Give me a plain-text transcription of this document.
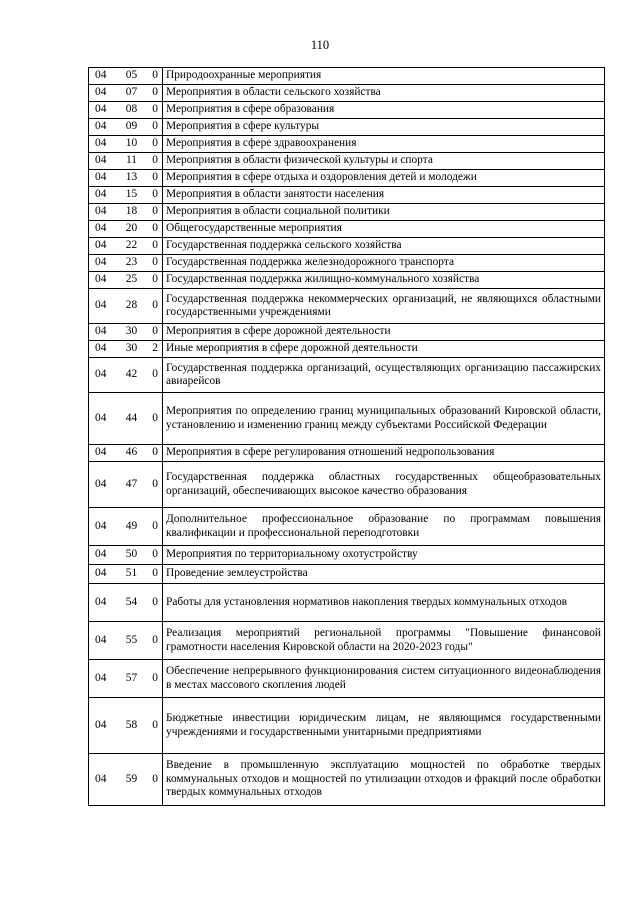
110
04 05 0	Природоохранные мероприятия

04 07 0	Мероприятия в области сельского хозяйства

04 08 0	Мероприятия в сфере образования

04 09 0	Мероприятия в сфере культуры

04 10 0	Мероприятия в сфере здравоохранения

04 11 0	Мероприятия в области физической культуры и спорта

04 13 0	Мероприятия в сфере отдыха и оздоровления детей и молодежи

04 15 0	Мероприятия в области занятости населения

04 18 0	Мероприятия в области социальной политики

04 20 0	Общегосударственные мероприятия

04 22 0	Государственная поддержка сельского хозяйства

04 23 0	Государственная поддержка железнодорожного транспорта

04 25 0	Государственная поддержка жилищно-коммунального хозяйства

04 28 0	Государственная поддержка некоммерческих организаций, не являющихся областными государственными учреждениями

04 30 0	Мероприятия в сфере дорожной деятельности

04 30 2	Иные мероприятия в сфере дорожной деятельности

04 42 0	Государственная поддержка организаций, осуществляющих организацию пассажирских авиарейсов

04 44 0	Мероприятия по определению границ муниципальных образований Кировской области, установлению и изменению границ между субъектами Российской Федерации

04 46 0	Мероприятия в сфере регулирования отношений недропользования

04 47 0	Государственная поддержка областных государственных общеобразовательных организаций, обеспечивающих высокое качество образования

04 49 0	Дополнительное профессиональное образование по программам повышения квалификации и профессиональной переподготовки

04 50 0	Мероприятия по территориальному охотустройству

04 51 0	Проведение землеустройства

04 54 0	Работы для установления нормативов накопления твердых коммунальных отходов

04 55 0	Реализация мероприятий региональной программы "Повышение финансовой грамотности населения Кировской области на 2020-2023 годы"

04 57 0	Обеспечение непрерывного функционирования систем ситуационного видеонаблюдения в местах массового скопления людей

04 58 0	Бюджетные инвестиции юридическим лицам, не являющимся государственными учреждениями и государственными унитарными предприятиями

04 59 0	Введение в промышленную эксплуатацию мощностей по обработке твердых коммунальных отходов и мощностей по утилизации отходов и фракций после обработки твердых коммунальных отходов
